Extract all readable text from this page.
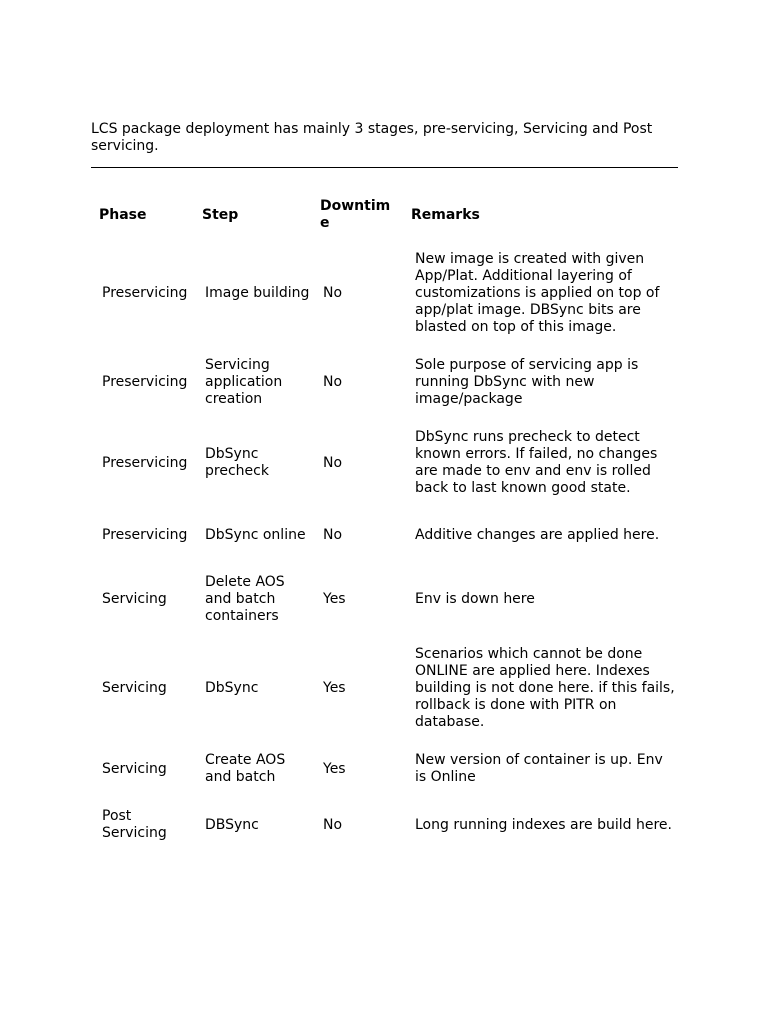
LCS package deployment has mainly 3 stages, pre-servicing, Servicing and Post servicing.

Phase	Step	Downtime	Remarks
Preservicing	Image building	No	New image is created with given App/Plat. Additional layering of customizations is applied on top of app/plat image. DBSync bits are blasted on top of this image.
Preservicing	Servicing application creation	No	Sole purpose of servicing app is running DbSync with new image/package
Preservicing	DbSync precheck	No	DbSync runs precheck to detect known errors. If failed, no changes are made to env and env is rolled back to last known good state.
Preservicing	DbSync online	No	Additive changes are applied here.
Servicing	Delete AOS and batch containers	Yes	Env is down here
Servicing	DbSync	Yes	Scenarios which cannot be done ONLINE are applied here. Indexes building is not done here. if this fails, rollback is done with PITR on database.
Servicing	Create AOS and batch	Yes	New version of container is up. Env is Online
Post Servicing	DBSync	No	Long running indexes are build here.
